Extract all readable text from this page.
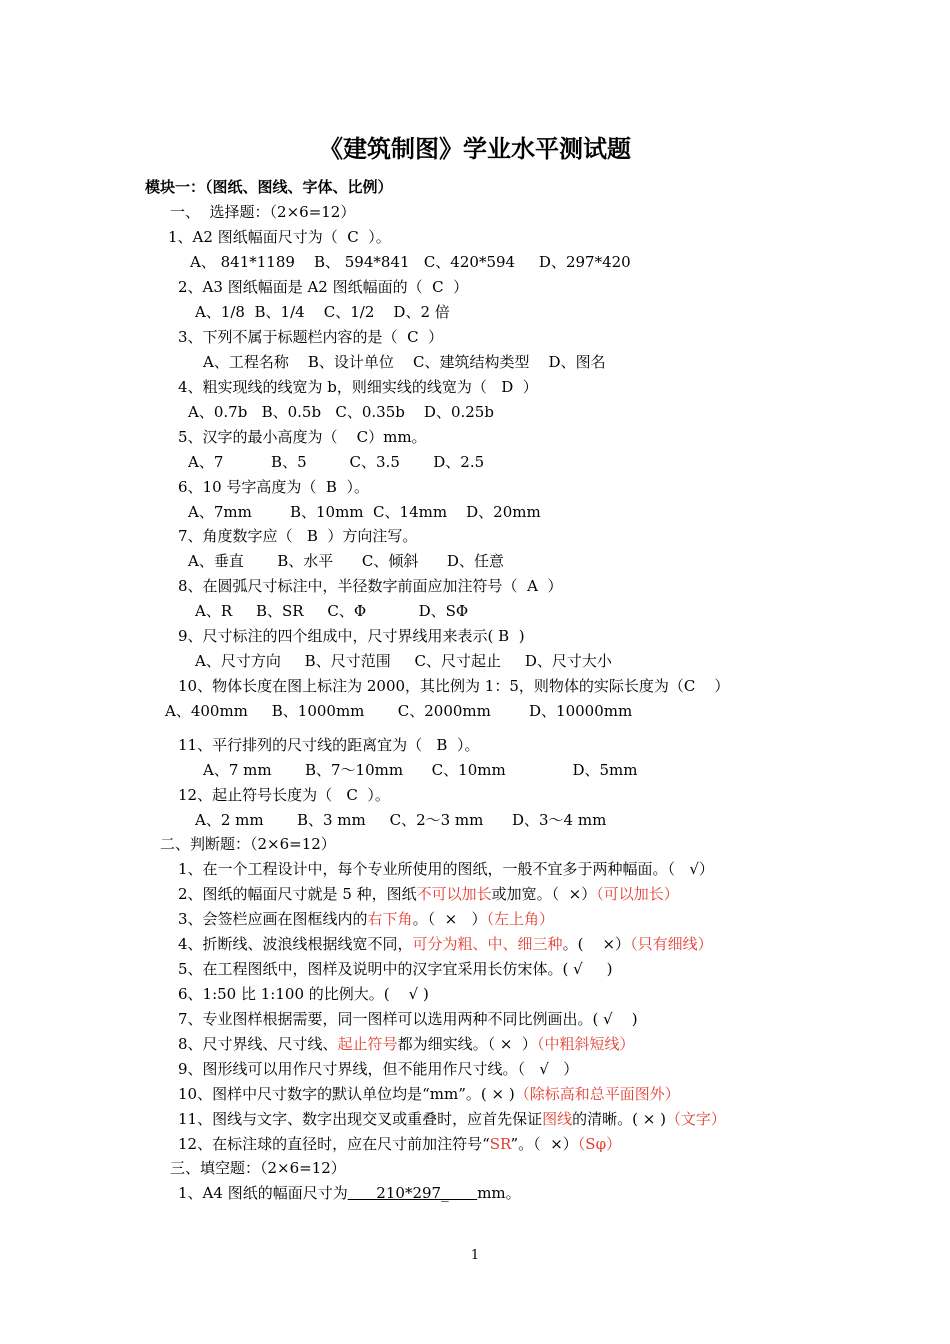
《建筑制图》学业水平测试题
模块一：（图纸、图线、字体、比例）
一、  选择题：（2×6=12）
1、A2 图纸幅面尺寸为（  C  ）。
A、 841*1189    B、 594*841   C、420*594     D、297*420
2、A3 图纸幅面是 A2 图纸幅面的（  C  ）
A、1/8  B、1/4    C、1/2    D、2 倍
3、下列不属于标题栏内容的是（  C  ）
A、工程名称    B、设计单位    C、建筑结构类型    D、图名
4、粗实现线的线宽为 b，则细实线的线宽为（   D  ）
A、0.7b   B、0.5b   C、0.35b    D、0.25b
5、汉字的最小高度为（    C）mm。
A、7          B、5         C、3.5       D、2.5
6、10 号字高度为（  B  ）。
A、7mm        B、10mm  C、14mm    D、20mm
7、角度数字应（   B  ）方向注写。
A、垂直       B、水平      C、倾斜      D、任意
8、在圆弧尺寸标注中，半径数字前面应加注符号（  A  ）
A、R     B、SR     C、Φ           D、SΦ
9、尺寸标注的四个组成中，尺寸界线用来表示( B  )
A、尺寸方向     B、尺寸范围     C、尺寸起止     D、尺寸大小
10、物体长度在图上标注为 2000，其比例为 1：5，则物体的实际长度为（C    ）
A、400mm     B、1000mm       C、2000mm        D、10000mm
11、平行排列的尺寸线的距离宜为（   B  ）。
A、7 mm       B、7～10mm      C、10mm              D、5mm
12、起止符号长度为（   C  ）。
A、2 mm       B、3 mm     C、2～3 mm      D、3～4 mm
二、判断题：（2×6=12）
1、在一个工程设计中，每个专业所使用的图纸，一般不宜多于两种幅面。（   √）
2、图纸的幅面尺寸就是 5 种，图纸不可以加长或加宽。（  ×）（可以加长）
3、会签栏应画在图框线内的右下角。（  ×   ）（左上角）
4、折断线、波浪线根据线宽不同，可分为粗、中、细三种。(    ×）（只有细线）
5、在工程图纸中，图样及说明中的汉字宜采用长仿宋体。( √     )
6、1:50 比 1:100 的比例大。(    √ )
7、专业图样根据需要，同一图样可以选用两种不同比例画出。( √    )
8、尺寸界线、尺寸线、起止符号都为细实线。（ ×  ）（中粗斜短线）
9、图形线可以用作尺寸界线，但不能用作尺寸线。（   √   ）
10、图样中尺寸数字的默认单位均是“mm”。( × )（除标高和总平面图外）
11、图线与文字、数字出现交叉或重叠时，应首先保证图线的清晰。( × )（文字）
12、在标注球的直径时，应在尺寸前加注符号“SR”。（  ×）（Sφ）
三、填空题：（2×6=12）
1、A4 图纸的幅面尺寸为      210*297_      mm。
1
